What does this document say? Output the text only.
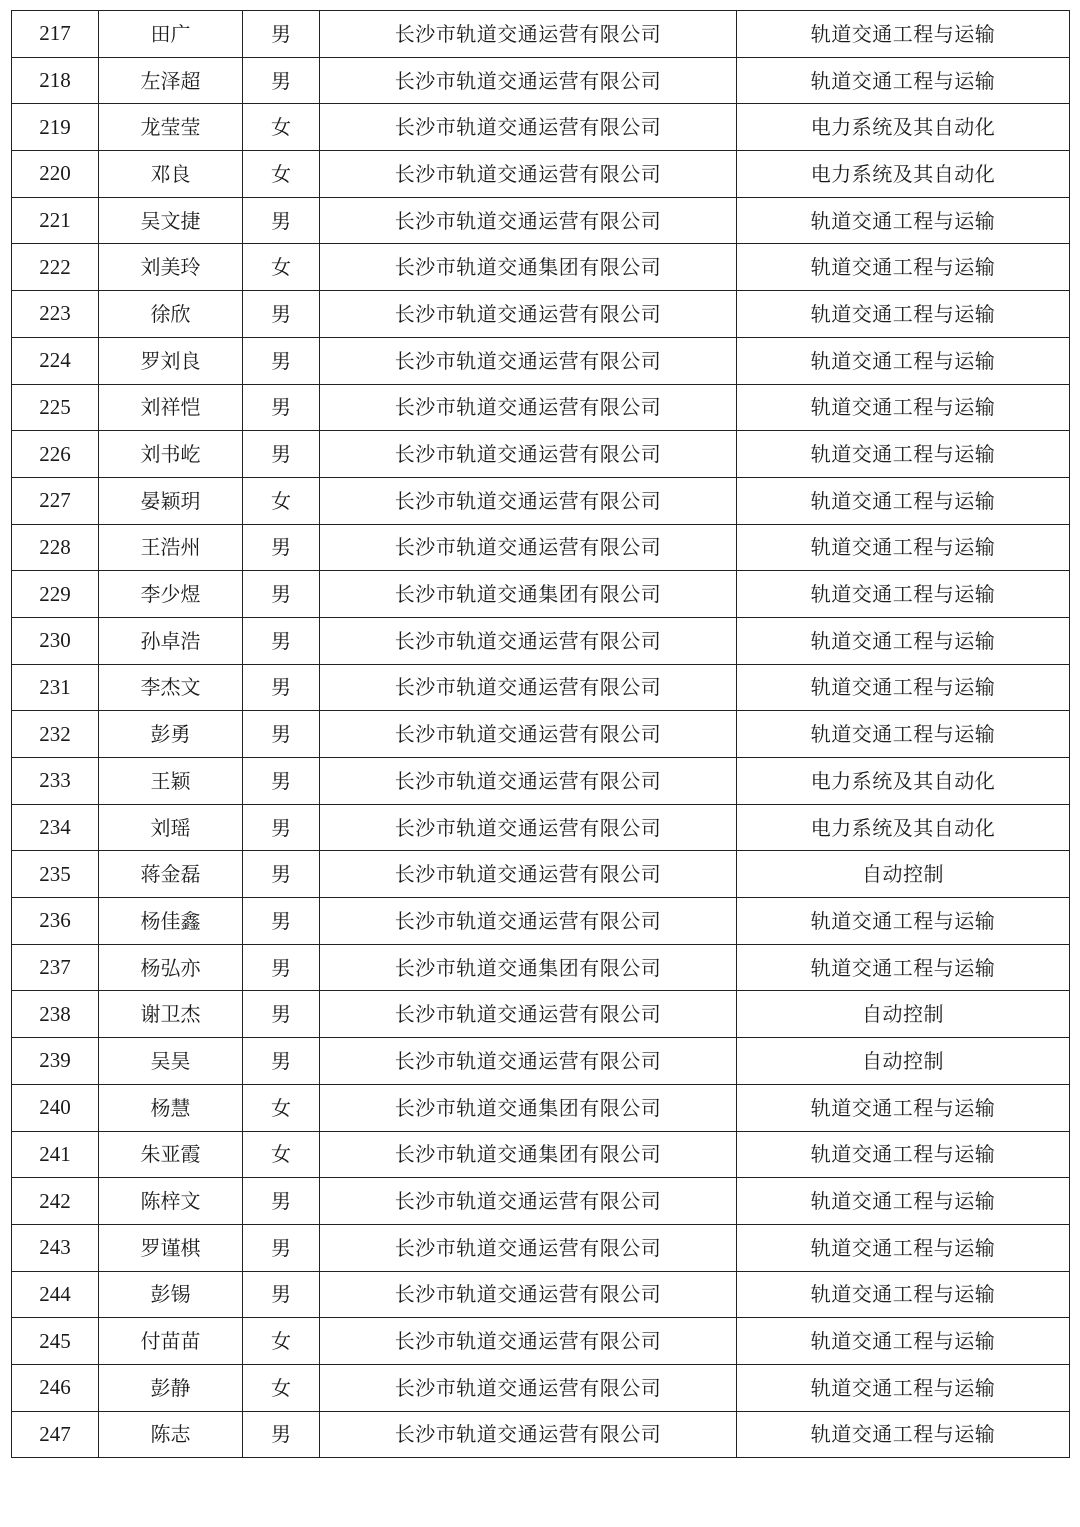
217	田广	男	长沙市轨道交通运营有限公司	轨道交通工程与运输
218	左泽超	男	长沙市轨道交通运营有限公司	轨道交通工程与运输
219	龙莹莹	女	长沙市轨道交通运营有限公司	电力系统及其自动化
220	邓良	女	长沙市轨道交通运营有限公司	电力系统及其自动化
221	吴文捷	男	长沙市轨道交通运营有限公司	轨道交通工程与运输
222	刘美玲	女	长沙市轨道交通集团有限公司	轨道交通工程与运输
223	徐欣	男	长沙市轨道交通运营有限公司	轨道交通工程与运输
224	罗刘良	男	长沙市轨道交通运营有限公司	轨道交通工程与运输
225	刘祥恺	男	长沙市轨道交通运营有限公司	轨道交通工程与运输
226	刘书屹	男	长沙市轨道交通运营有限公司	轨道交通工程与运输
227	晏颖玥	女	长沙市轨道交通运营有限公司	轨道交通工程与运输
228	王浩州	男	长沙市轨道交通运营有限公司	轨道交通工程与运输
229	李少煜	男	长沙市轨道交通集团有限公司	轨道交通工程与运输
230	孙卓浩	男	长沙市轨道交通运营有限公司	轨道交通工程与运输
231	李杰文	男	长沙市轨道交通运营有限公司	轨道交通工程与运输
232	彭勇	男	长沙市轨道交通运营有限公司	轨道交通工程与运输
233	王颖	男	长沙市轨道交通运营有限公司	电力系统及其自动化
234	刘瑶	男	长沙市轨道交通运营有限公司	电力系统及其自动化
235	蒋金磊	男	长沙市轨道交通运营有限公司	自动控制
236	杨佳鑫	男	长沙市轨道交通运营有限公司	轨道交通工程与运输
237	杨弘亦	男	长沙市轨道交通集团有限公司	轨道交通工程与运输
238	谢卫杰	男	长沙市轨道交通运营有限公司	自动控制
239	吴昊	男	长沙市轨道交通运营有限公司	自动控制
240	杨慧	女	长沙市轨道交通集团有限公司	轨道交通工程与运输
241	朱亚霞	女	长沙市轨道交通集团有限公司	轨道交通工程与运输
242	陈梓文	男	长沙市轨道交通运营有限公司	轨道交通工程与运输
243	罗谨棋	男	长沙市轨道交通运营有限公司	轨道交通工程与运输
244	彭锡	男	长沙市轨道交通运营有限公司	轨道交通工程与运输
245	付苗苗	女	长沙市轨道交通运营有限公司	轨道交通工程与运输
246	彭静	女	长沙市轨道交通运营有限公司	轨道交通工程与运输
247	陈志	男	长沙市轨道交通运营有限公司	轨道交通工程与运输
